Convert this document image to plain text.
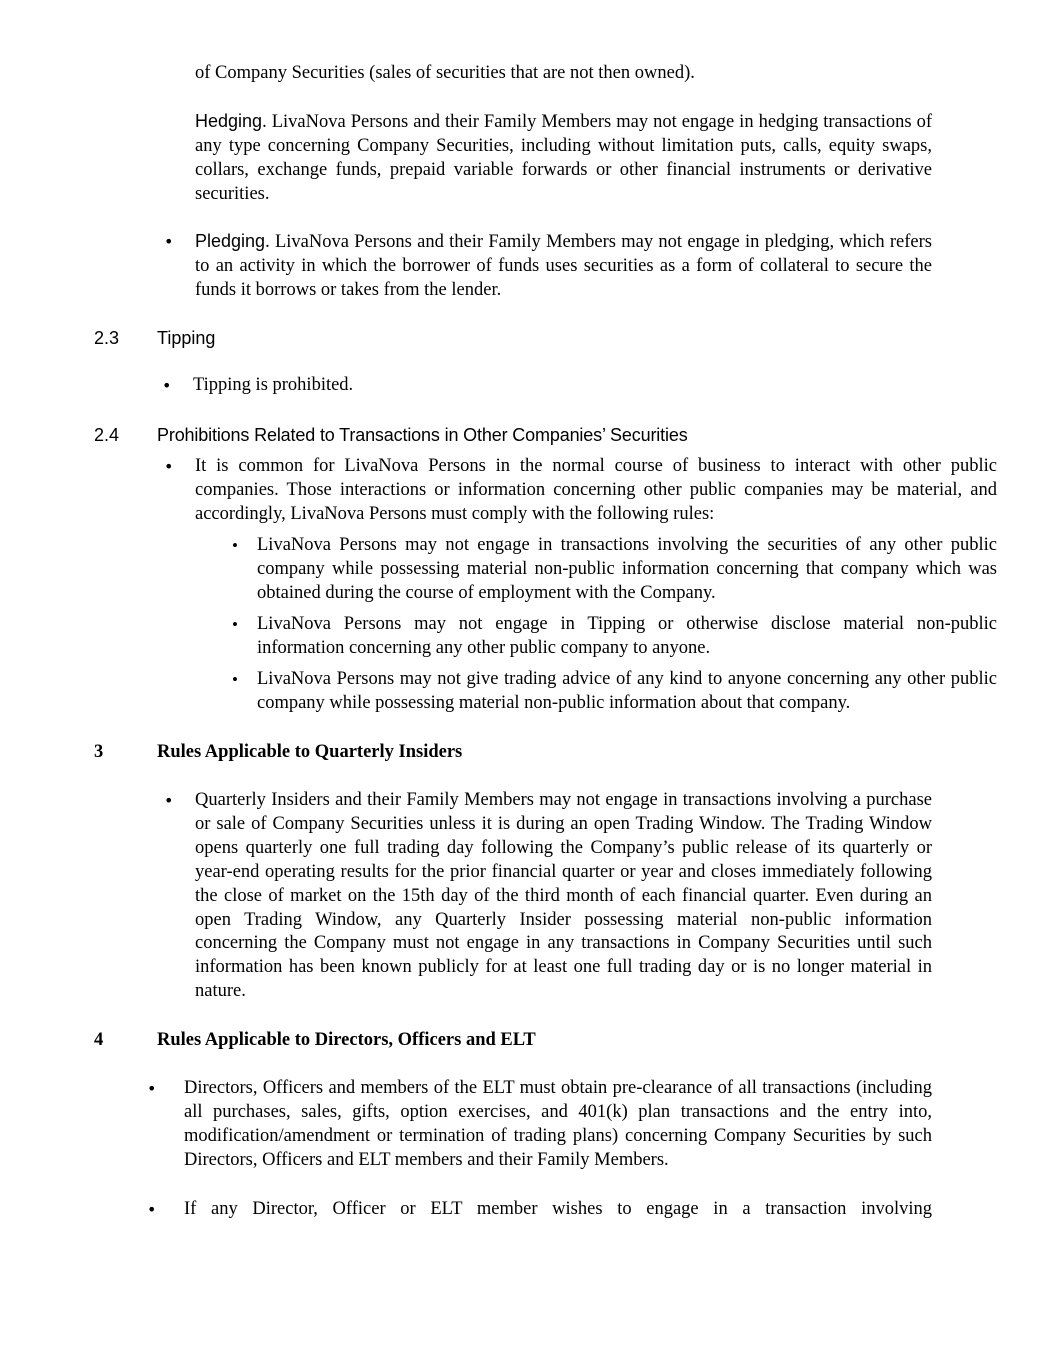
of Company Securities (sales of securities that are not then owned).
Hedging. LivaNova Persons and their Family Members may not engage in hedging transactions of any type concerning Company Securities, including without limitation puts, calls, equity swaps, collars, exchange funds, prepaid variable forwards or other financial instruments or derivative securities.
• Pledging. LivaNova Persons and their Family Members may not engage in pledging, which refers to an activity in which the borrower of funds uses securities as a form of collateral to secure the funds it borrows or takes from the lender.
2.3 Tipping
• Tipping is prohibited.
2.4 Prohibitions Related to Transactions in Other Companies’ Securities
• It is common for LivaNova Persons in the normal course of business to interact with other public companies. Those interactions or information concerning other public companies may be material, and accordingly, LivaNova Persons must comply with the following rules:
• LivaNova Persons may not engage in transactions involving the securities of any other public company while possessing material non-public information concerning that company which was obtained during the course of employment with the Company.
• LivaNova Persons may not engage in Tipping or otherwise disclose material non-public information concerning any other public company to anyone.
• LivaNova Persons may not give trading advice of any kind to anyone concerning any other public company while possessing material non-public information about that company.
3	Rules Applicable to Quarterly Insiders
• Quarterly Insiders and their Family Members may not engage in transactions involving a purchase or sale of Company Securities unless it is during an open Trading Window. The Trading Window opens quarterly one full trading day following the Company’s public release of its quarterly or year-end operating results for the prior financial quarter or year and closes immediately following the close of market on the 15th day of the third month of each financial quarter. Even during an open Trading Window, any Quarterly Insider possessing material non-public information concerning the Company must not engage in any transactions in Company Securities until such information has been known publicly for at least one full trading day or is no longer material in nature.
4	Rules Applicable to Directors, Officers and ELT
• Directors, Officers and members of the ELT must obtain pre-clearance of all transactions (including all purchases, sales, gifts, option exercises, and 401(k) plan transactions and the entry into, modification/amendment or termination of trading plans) concerning Company Securities by such Directors, Officers and ELT members and their Family Members.
• If any Director, Officer or ELT member wishes to engage in a transaction involving
